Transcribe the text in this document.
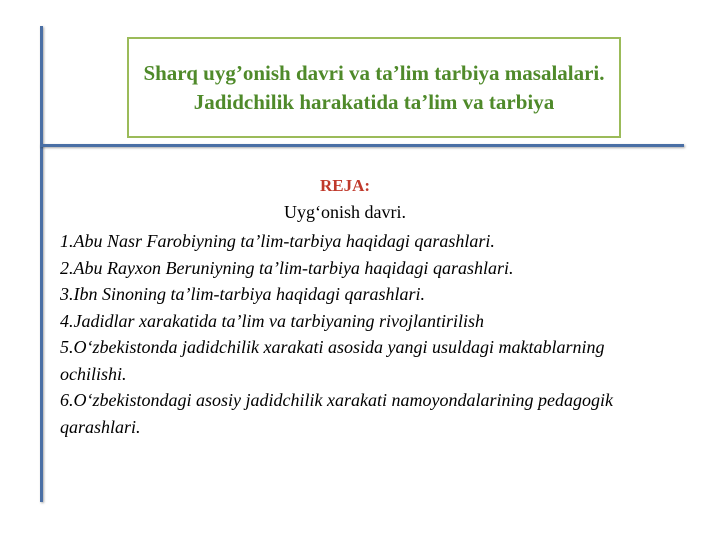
Sharq uyg’onish davri va ta’lim tarbiya masalalari. Jadidchilik harakatida ta’lim va tarbiya
REJA:
Uyg‘onish davri.
1.Abu Nasr Farobiyning ta’lim-tarbiya haqidagi qarashlari.
2.Abu Rayxon Beruniyning ta’lim-tarbiya haqidagi qarashlari.
3.Ibn Sinoning ta’lim-tarbiya haqidagi qarashlari.
4.Jadidlar xarakatida ta’lim va tarbiyaning rivojlantirilish
5.O‘zbekistonda jadidchilik xarakati asosida yangi usuldagi maktablarning ochilishi.
6.O‘zbekistondagi asosiy jadidchilik xarakati namoyondalarining pedagogik     qarashlari.
